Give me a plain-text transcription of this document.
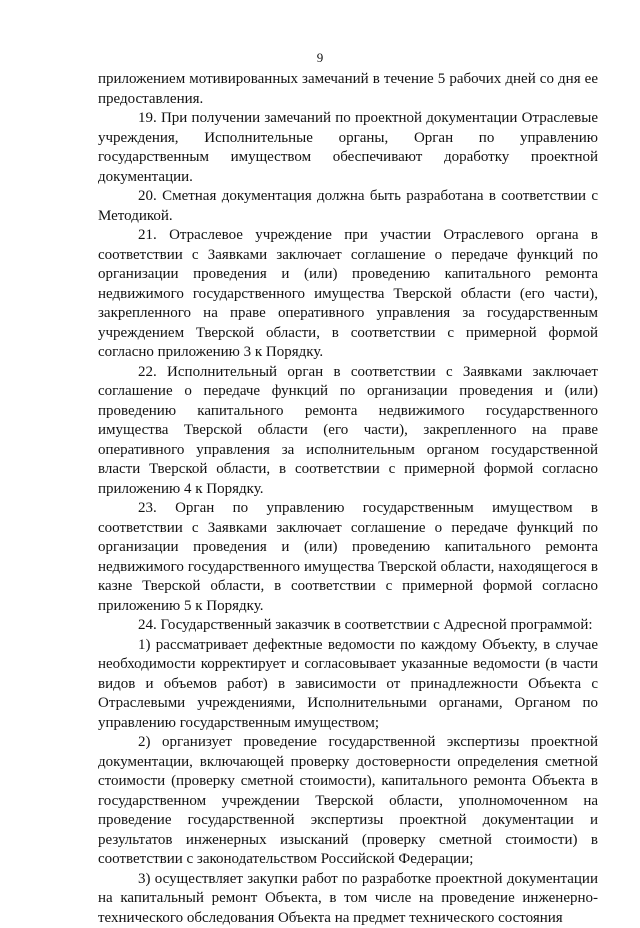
9

приложением мотивированных замечаний в течение 5 рабочих дней со дня ее предоставления.

19. При получении замечаний по проектной документации Отраслевые учреждения, Исполнительные органы, Орган по управлению государственным имуществом обеспечивают доработку проектной документации.

20. Сметная документация должна быть разработана в соответствии с Методикой.

21. Отраслевое учреждение при участии Отраслевого органа в соответствии с Заявками заключает соглашение о передаче функций по организации проведения и (или) проведению капитального ремонта недвижимого государственного имущества Тверской области (его части), закрепленного на праве оперативного управления за государственным учреждением Тверской области, в соответствии с примерной формой согласно приложению 3 к Порядку.

22. Исполнительный орган в соответствии с Заявками заключает соглашение о передаче функций по организации проведения и (или) проведению капитального ремонта недвижимого государственного имущества Тверской области (его части), закрепленного на праве оперативного управления за исполнительным органом государственной власти Тверской области, в соответствии с примерной формой согласно приложению 4 к Порядку.

23. Орган по управлению государственным имуществом в соответствии с Заявками заключает соглашение о передаче функций по организации проведения и (или) проведению капитального ремонта недвижимого государственного имущества Тверской области, находящегося в казне Тверской области, в соответствии с примерной формой согласно приложению 5 к Порядку.

24. Государственный заказчик в соответствии с Адресной программой:

1) рассматривает дефектные ведомости по каждому Объекту, в случае необходимости корректирует и согласовывает указанные ведомости (в части видов и объемов работ) в зависимости от принадлежности Объекта с Отраслевыми учреждениями, Исполнительными органами, Органом по управлению государственным имуществом;

2) организует проведение государственной экспертизы проектной документации, включающей проверку достоверности определения сметной стоимости (проверку сметной стоимости), капитального ремонта Объекта в государственном учреждении Тверской области, уполномоченном на проведение государственной экспертизы проектной документации и результатов инженерных изысканий (проверку сметной стоимости) в соответствии с законодательством Российской Федерации;

3) осуществляет закупки работ по разработке проектной документации на капитальный ремонт Объекта, в том числе на проведение инженерно-технического обследования Объекта на предмет технического состояния
